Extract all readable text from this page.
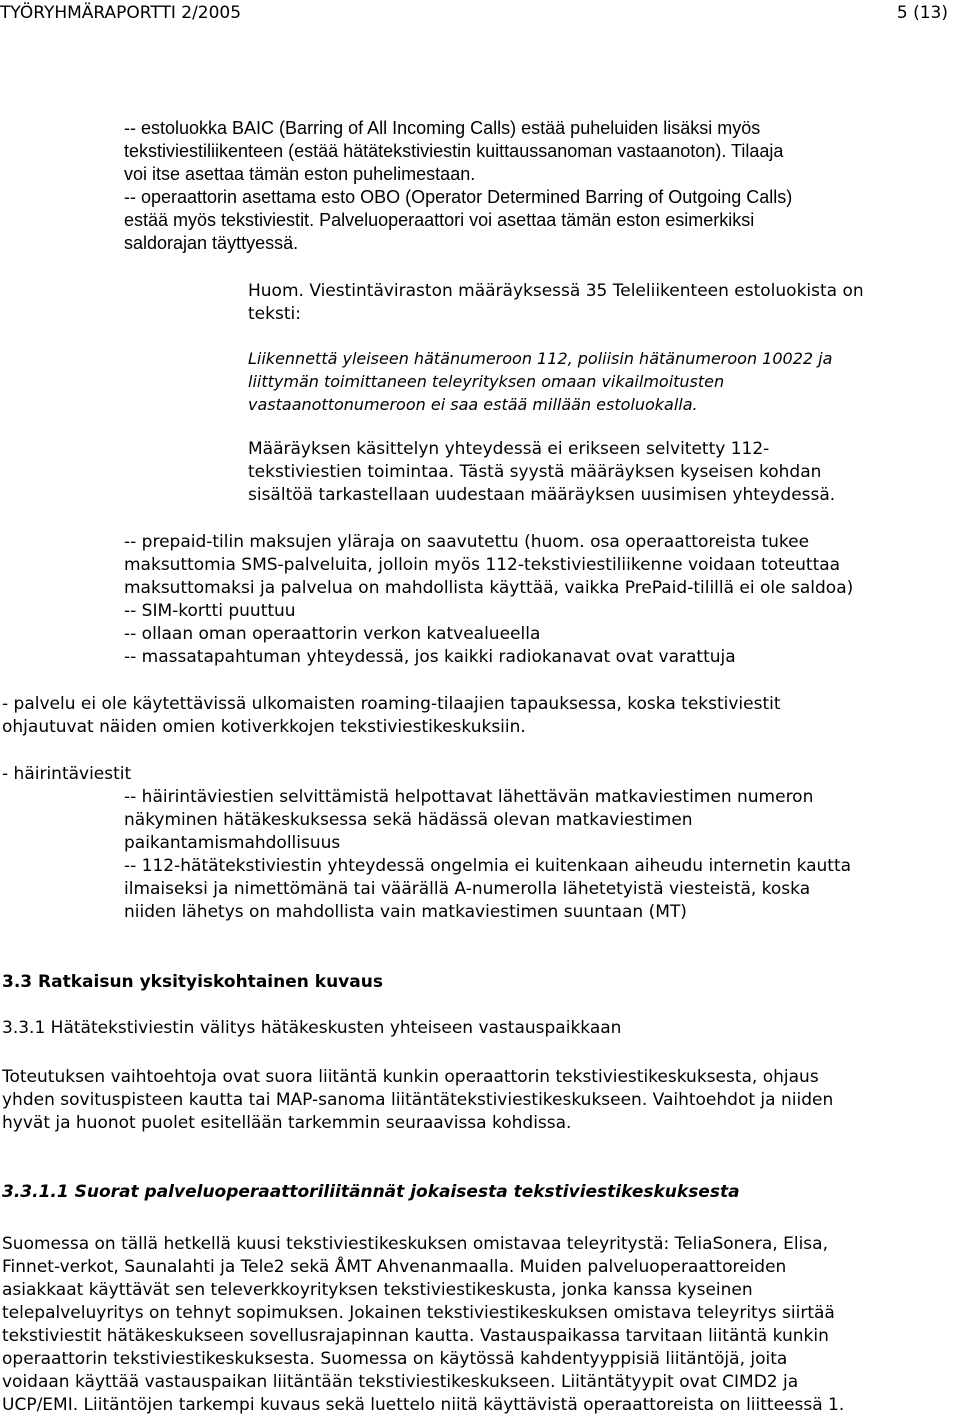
TYÖRYHMÄRAPORTTI 2/2005	5 (13)
-- estoluokka BAIC (Barring of All Incoming Calls) estää puheluiden lisäksi myös
tekstiviestiliikenteen (estää hätätekstiviestin kuittaussanoman vastaanoton). Tilaaja
voi itse asettaa tämän eston puhelimestaan.
-- operaattorin asettama esto OBO (Operator Determined Barring of Outgoing Calls)
estää myös tekstiviestit. Palveluoperaattori voi asettaa tämän eston esimerkiksi
saldorajan täyttyessä.
Huom. Viestintäviraston määräyksessä 35 Teleliikenteen estoluokista on
teksti:
Liikennettä yleiseen hätänumeroon 112, poliisin hätänumeroon 10022 ja
liittymän toimittaneen teleyrityksen omaan vikailmoitusten
vastaanottonumeroon ei saa estää millään estoluokalla.
Määräyksen käsittelyn yhteydessä ei erikseen selvitetty 112-
tekstiviestien toimintaa. Tästä syystä määräyksen kyseisen kohdan
sisältöä tarkastellaan uudestaan määräyksen uusimisen yhteydessä.
-- prepaid-tilin maksujen yläraja on saavutettu (huom. osa operaattoreista tukee
maksuttomia SMS-palveluita, jolloin myös 112-tekstiviestiliikenne voidaan toteuttaa
maksuttomaksi ja palvelua on mahdollista käyttää, vaikka PrePaid-tilillä ei ole saldoa)
-- SIM-kortti puuttuu
-- ollaan oman operaattorin verkon katvealueella
-- massatapahtuman yhteydessä, jos kaikki radiokanavat ovat varattuja
- palvelu ei ole käytettävissä ulkomaisten roaming-tilaajien tapauksessa, koska tekstiviestit
ohjautuvat näiden omien kotiverkkojen tekstiviestikeskuksiin.
- häirintäviestit
-- häirintäviestien selvittämistä helpottavat lähettävän matkaviestimen numeron
näkyminen hätäkeskuksessa sekä hädässä olevan matkaviestimen
paikantamismahdollisuus
-- 112-hätätekstiviestin yhteydessä ongelmia ei kuitenkaan aiheudu internetin kautta
ilmaiseksi ja nimettömänä tai väärällä A-numerolla lähetetyistä viesteistä, koska
niiden lähetys on mahdollista vain matkaviestimen suuntaan (MT)
3.3 Ratkaisun yksityiskohtainen kuvaus
3.3.1 Hätätekstiviestin välitys hätäkeskusten yhteiseen vastauspaikkaan
Toteutuksen vaihtoehtoja ovat suora liitäntä kunkin operaattorin tekstiviestikeskuksesta, ohjaus
yhden sovituspisteen kautta tai MAP-sanoma liitäntätekstiviestikeskukseen. Vaihtoehdot ja niiden
hyvät ja huonot puolet esitellään tarkemmin seuraavissa kohdissa.
3.3.1.1 Suorat palveluoperaattoriliitännät jokaisesta tekstiviestikeskuksesta
Suomessa on tällä hetkellä kuusi tekstiviestikeskuksen omistavaa teleyritystä: TeliaSonera, Elisa,
Finnet-verkot, Saunalahti ja Tele2 sekä ÅMT Ahvenanmaalla. Muiden palveluoperaattoreiden
asiakkaat käyttävät sen televerkkoyrityksen tekstiviestikeskusta, jonka kanssa kyseinen
telepalveluyritys on tehnyt sopimuksen. Jokainen tekstiviestikeskuksen omistava teleyritys siirtää
tekstiviestit hätäkeskukseen sovellusrajapinnan kautta. Vastauspaikassa tarvitaan liitäntä kunkin
operaattorin tekstiviestikeskuksesta. Suomessa on käytössä kahdentyyppisiä liitäntöjä, joita
voidaan käyttää vastauspaikan liitäntään tekstiviestikeskukseen. Liitäntätyypit ovat CIMD2 ja
UCP/EMI. Liitäntöjen tarkempi kuvaus sekä luettelo niitä käyttävistä operaattoreista on liitteessä 1.
